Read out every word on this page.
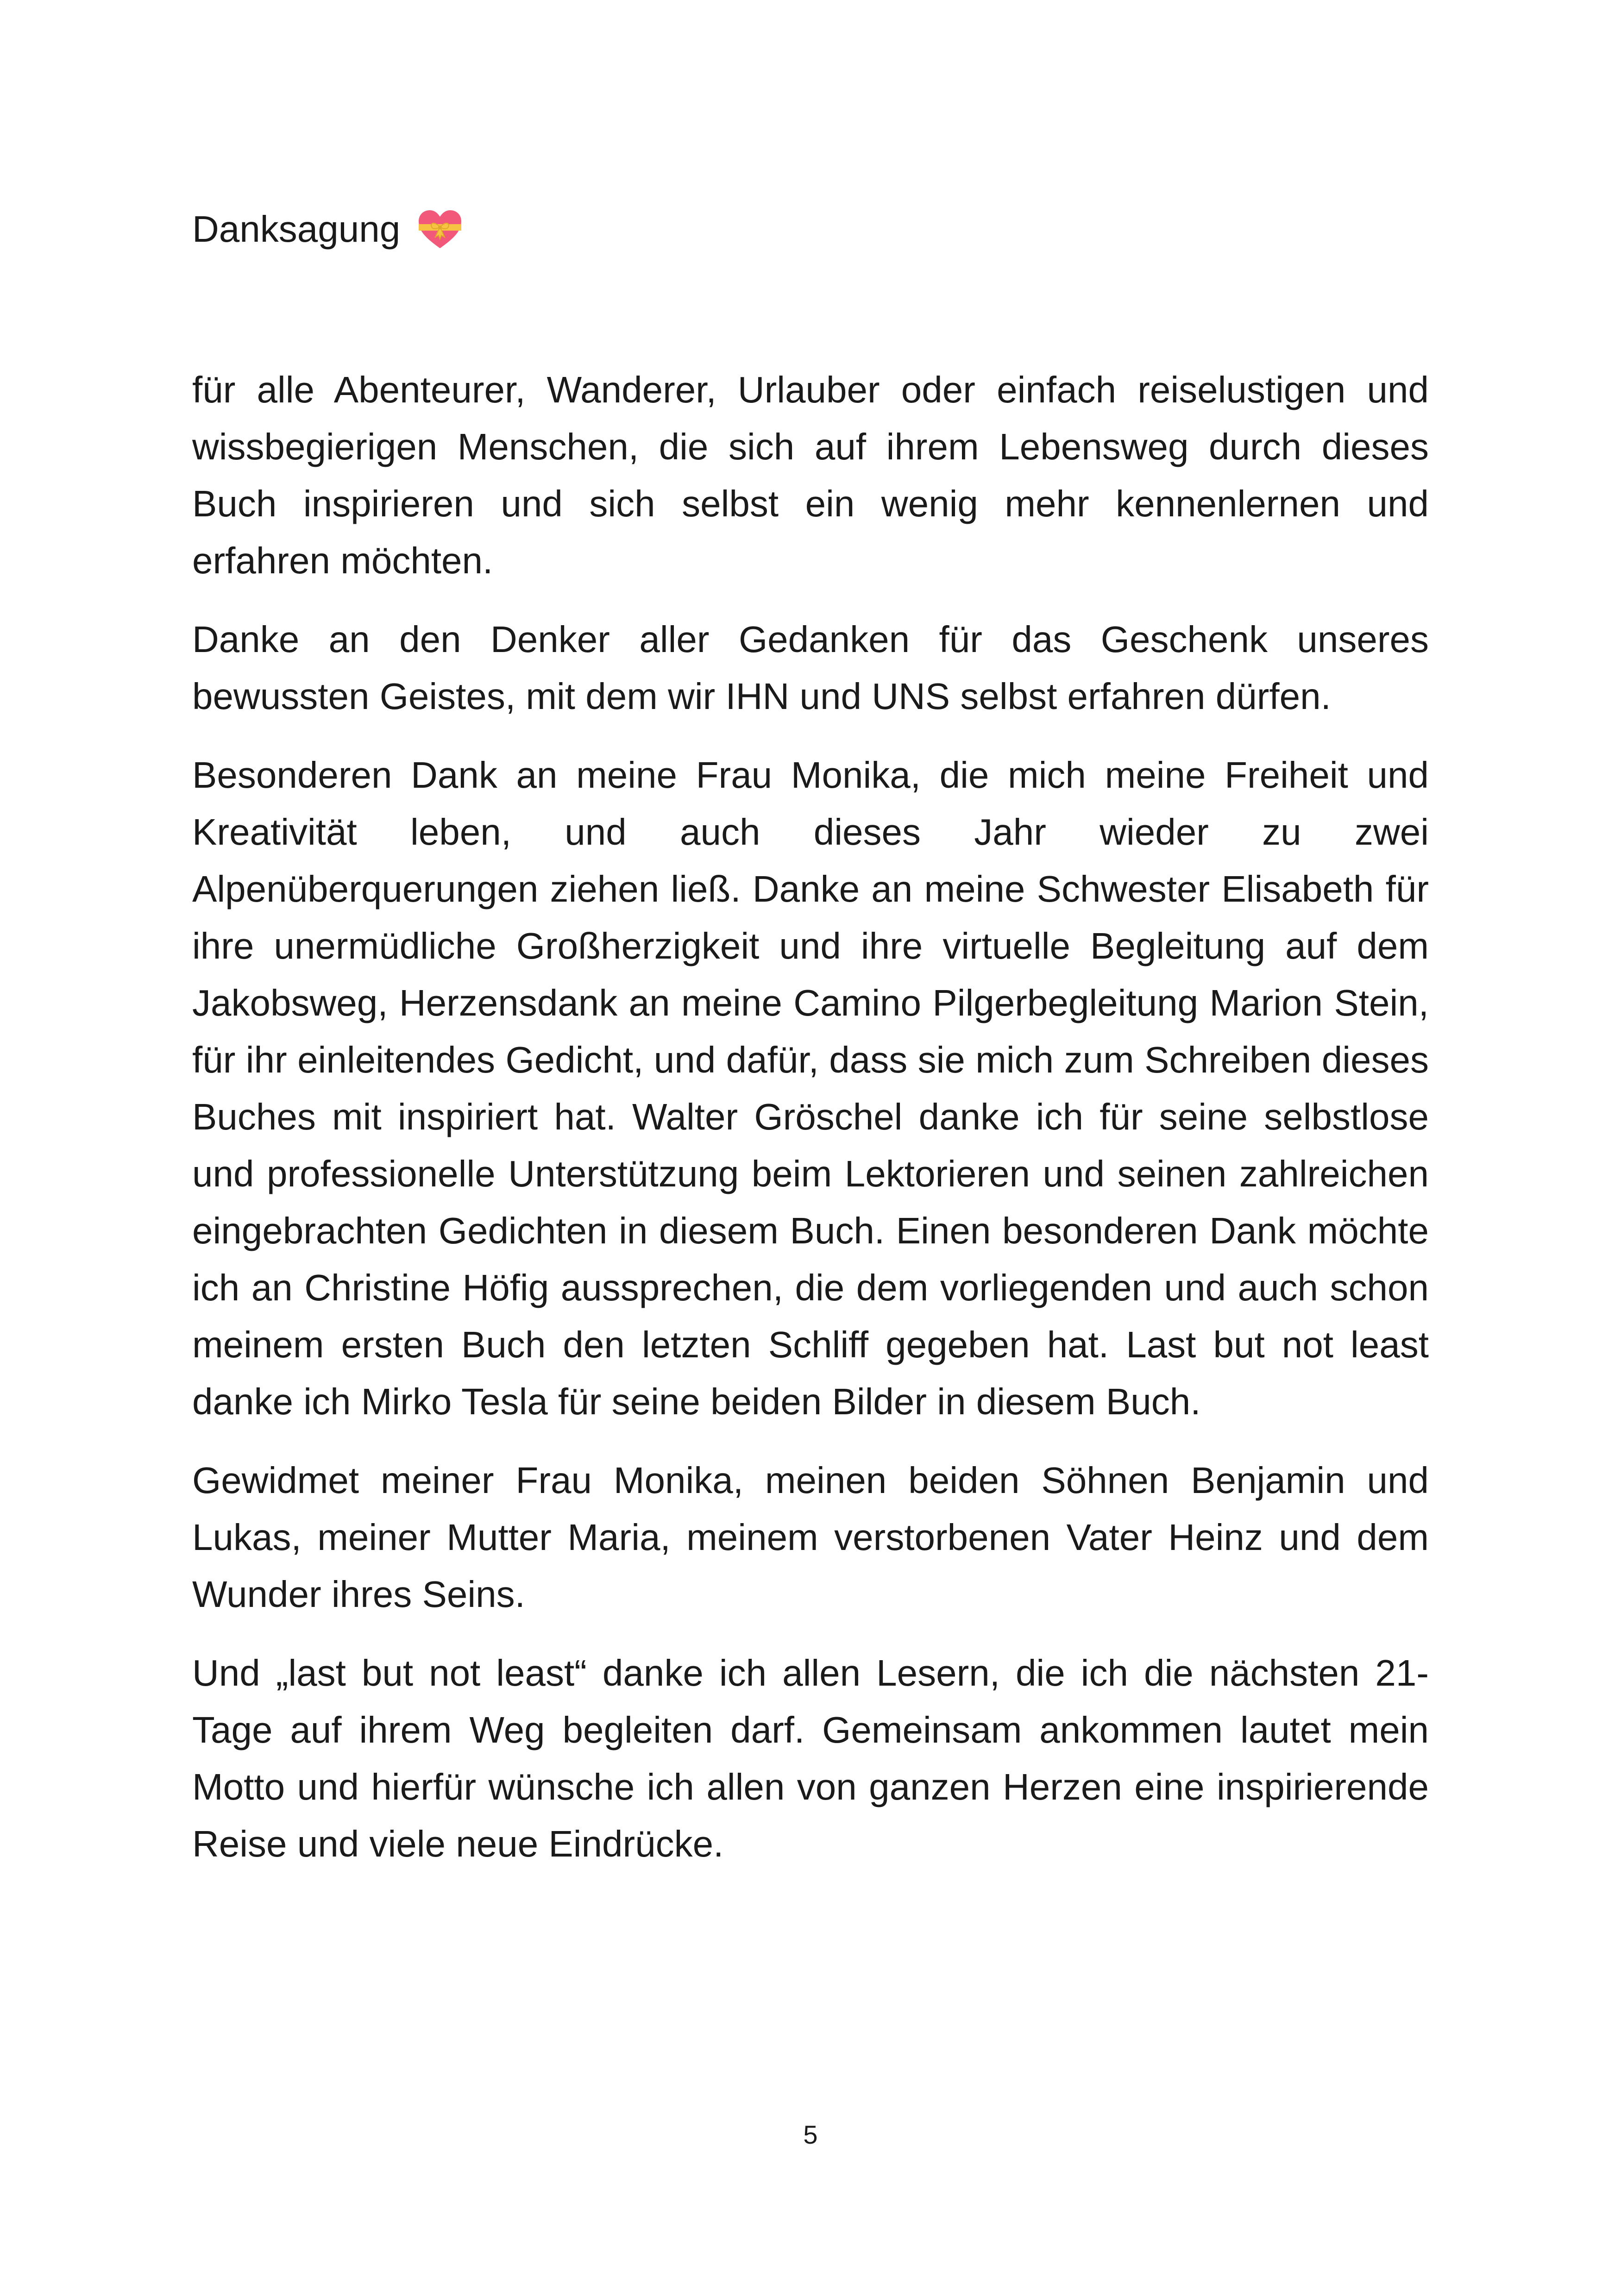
Danksagung

für alle Abenteurer, Wanderer, Urlauber oder einfach reiselustigen und wissbegierigen Menschen, die sich auf ihrem Lebensweg durch dieses Buch inspirieren und sich selbst ein wenig mehr kennenlernen und erfahren möchten.

Danke an den Denker aller Gedanken für das Geschenk unseres bewussten Geistes, mit dem wir IHN und UNS selbst erfahren dürfen.

Besonderen Dank an meine Frau Monika, die mich meine Freiheit und Kreativität leben, und auch dieses Jahr wieder zu zwei Alpenüberquerungen ziehen ließ. Danke an meine Schwester Elisabeth für ihre unermüdliche Großherzigkeit und ihre virtuelle Begleitung auf dem Jakobsweg, Herzensdank an meine Camino Pilgerbegleitung Marion Stein, für ihr einleitendes Gedicht, und dafür, dass sie mich zum Schreiben dieses Buches mit inspiriert hat. Walter Gröschel danke ich für seine selbstlose und professionelle Unterstützung beim Lektorieren und seinen zahlreichen eingebrachten Gedichten in diesem Buch. Einen besonderen Dank möchte ich an Christine Höfig aussprechen, die dem vorliegenden und auch schon meinem ersten Buch den letzten Schliff gegeben hat. Last but not least danke ich Mirko Tesla für seine beiden Bilder in diesem Buch.

Gewidmet meiner Frau Monika, meinen beiden Söhnen Benjamin und Lukas, meiner Mutter Maria, meinem verstorbenen Vater Heinz und dem Wunder ihres Seins.

Und „last but not least“ danke ich allen Lesern, die ich die nächsten 21-Tage auf ihrem Weg begleiten darf. Gemeinsam ankommen lautet mein Motto und hierfür wünsche ich allen von ganzen Herzen eine inspirierende Reise und viele neue Eindrücke.

5
